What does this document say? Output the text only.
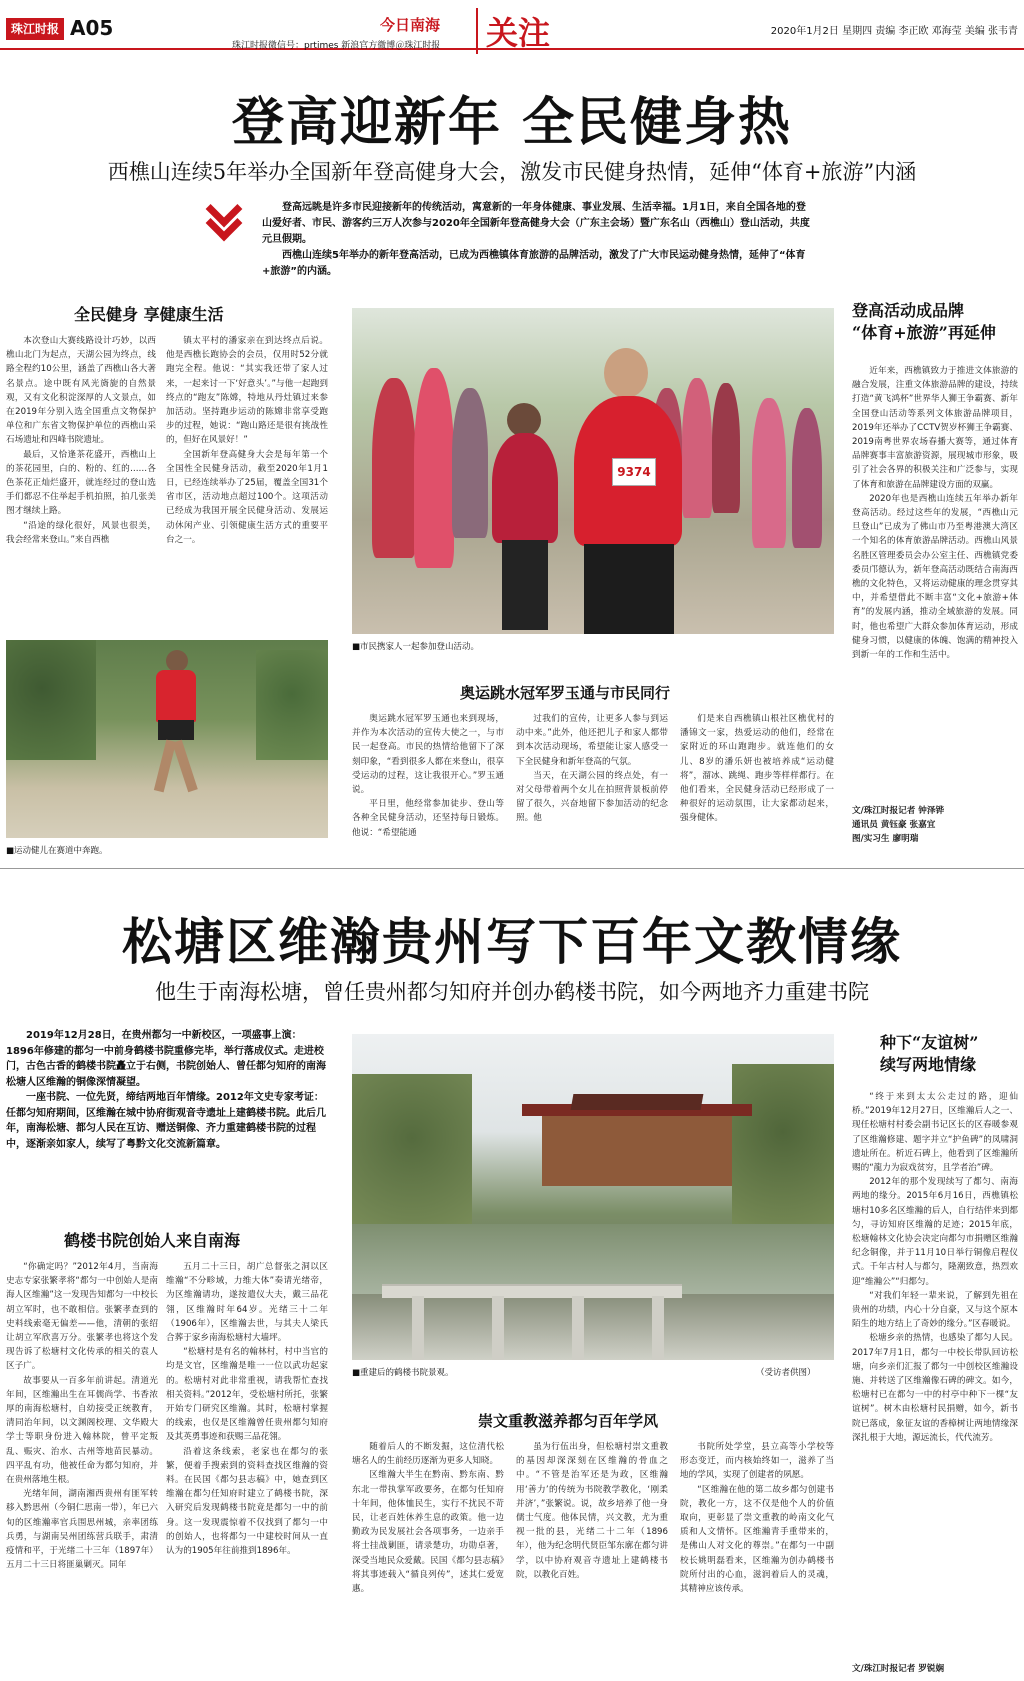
珠江时报 A05
珠江时报微信号：prtimes 新浪官方微博＠珠江时报
今日南海	关注	2020年1月2日 星期四 责编 李正欧 邓海莹 美编 张韦青
登高迎新年 全民健身热
西樵山连续5年举办全国新年登高健身大会，激发市民健身热情，延伸“体育+旅游”内涵

登高远眺是许多市民迎接新年的传统活动，寓意新的一年身体健康、事业发展、生活幸福。1月1日，来自全国各地的登山爱好者、市民、游客约三万人次参与2020年全国新年登高健身大会（广东主会场）暨广东名山（西樵山）登山活动，共度元旦假期。

西樵山连续5年举办的新年登高活动，已成为西樵镇体育旅游的品牌活动，激发了广大市民运动健身热情，延伸了“体育+旅游”的内涵。

全民健身 享健康生活

本次登山大赛线路设计巧妙，以西樵山北门为起点，天湖公园为终点，线路全程约10公里，涵盖了西樵山各大著名景点。途中既有风光旖旎的自然景观，又有文化积淀深厚的人文景点，如在2019年分别入选全国重点文物保护单位和广东省文物保护单位的西樵山采石场遗址和四峰书院遗址。

最后，又恰逢茶花盛开，西樵山上的茶花园里，白的、粉的、红的……各色茶花正灿烂盛开，就连经过的登山选手们都忍不住举起手机拍照，拍几张美图才继续上路。

“沿途的绿化很好，风景也很美，我会经常来登山。”来自西樵

镇太平村的潘家亲在到达终点后说。他是西樵长跑协会的会员，仅用时52分就跑完全程。他说：“其实我还带了家人过来，一起来讨一下‘好意头’。”与他一起跑到终点的“跑友”陈嫦，特地从丹灶镇过来参加活动。坚持跑步运动的陈嫦非常享受跑步的过程，她说：“跑山路还是很有挑战性的，但好在风景好！”

全国新年登高健身大会是每年第一个全国性全民健身活动，截至2020年1月1日，已经连续举办了25届，覆盖全国31个省市区，活动地点超过100个。这项活动已经成为我国开展全民健身活动、发展运动休闲产业、引领健康生活方式的重要平台之一。

9374
■市民携家人一起参加登山活动。
■运动健儿在赛道中奔跑。
奥运跳水冠军罗玉通与市民同行

奥运跳水冠军罗玉通也来到现场，并作为本次活动的宣传大使之一，与市民一起登高。市民的热情给他留下了深刻印象，“看到很多人都在来登山，很享受运动的过程，这让我很开心。”罗玉通说。

平日里，他经常参加徒步、登山等各种全民健身活动，还坚持每日锻炼。他说：“希望能通

过我们的宣传，让更多人参与到运动中来。”此外，他还把儿子和家人都带到本次活动现场，希望能让家人感受一下全民健身和新年登高的气氛。

当天，在天湖公园的终点处，有一对父母带着两个女儿在拍照背景板前停留了很久，兴奋地留下参加活动的纪念照。他

们是来自西樵镇山根社区樵优村的潘锦文一家，热爱运动的他们，经常在家附近的环山跑跑步。就连他们的女儿、8岁的潘乐妍也被培养成“运动健将”，溜冰、跳绳、跑步等样样都行。在他们看来，全民健身活动已经形成了一种很好的运动氛围，让大家都动起来，强身健体。

登高活动成品牌
“体育+旅游”再延伸

近年来，西樵镇致力于推进文体旅游的融合发展，注重文体旅游品牌的建设，持续打造“黄飞鸿杯”世界华人狮王争霸赛、新年全国登山活动等系列文体旅游品牌项目，2019年还举办了CCTV贺岁杯狮王争霸赛、2019南粤世界农场春播大赛等，通过体育品牌赛事丰富旅游资源，展现城市形象，吸引了社会各界的积极关注和广泛参与，实现了体育和旅游在品牌建设方面的双赢。

2020年也是西樵山连续五年举办新年登高活动。经过这些年的发展，“西樵山元旦登山”已成为了佛山市乃至粤港澳大湾区一个知名的体育旅游品牌活动。西樵山风景名胜区管理委员会办公室主任、西樵镇党委委员邝德认为，新年登高活动既结合南海西樵的文化特色，又将运动健康的理念贯穿其中，并希望借此不断丰富“文化+旅游+体育”的发展内涵，推动全域旅游的发展。同时，他也希望广大群众参加体育运动，形成健身习惯，以健康的体魄、饱满的精神投入到新一年的工作和生活中。

文/珠江时报记者 钟泽铧
通讯员 黄钰豪 张嘉宜
图/实习生 廖明瑞
松塘区维瀚贵州写下百年文教情缘
他生于南海松塘，曾任贵州都匀知府并创办鹤楼书院，如今两地齐力重建书院

2019年12月28日，在贵州都匀一中新校区，一项盛事上演：1896年修建的都匀一中前身鹤楼书院重修完毕，举行落成仪式。走进校门，古色古香的鹤楼书院矗立于右侧，书院创始人、曾任都匀知府的南海松塘人区维瀚的铜像深情凝望。

一座书院、一位先贤，缔结两地百年情缘。2012年文史专家考证：任都匀知府期间，区维瀚在城中协府街观音寺遗址上建鹤楼书院。此后几年，南海松塘、都匀人民在互访、赠送铜像、齐力重建鹤楼书院的过程中，逐渐亲如家人，续写了粤黔文化交流新篇章。

鹤楼书院创始人来自南海

“你确定吗？”2012年4月，当南海史志专家张繁孝将“都匀一中创始人是南海人区维瀚”这一发现告知都匀一中校长胡立军时，也不敢相信。张繁孝查到的史料线索毫无偏差——他，清朝的张绍让胡立军欣喜万分。张繁孝也将这个发现告诉了松塘村文化传承的相关的袁人区子广。

故事要从一百多年前讲起。清道光年间，区维瀚出生在耳儒尚学、书香浓厚的南海松塘村，自幼接受正统教育，清同治年间，以文渊阁校理、文华殿大学士等职身份进入翰林院，曾平定叛乱、赈灾、治水、古州等地苗民暴动。四平乱有功，他被任命为都匀知府，并在贵州落地生根。

光绪年间，湖南湘西贵州有匪军转移入黔思州（今铜仁思南一带），年已六旬的区维瀚率官兵围思州城，亲率团练兵勇，与湖南吴州团练营兵联手，肃清疫情和平，于光绪二十三年（1897年）五月二十三日将匪巢剿灭。同年

五月二十三日，胡广总督张之洞以区维瀚“不分畛域，力维大体”奏请光绪帝，为区维瀚请功，遂按遣仪大夫，戴三品花翎，区维瀚时年64岁。光绪三十二年（1906年），区维瀚去世，与其夫人梁氏合葬于家乡南海松塘村大墙坪。

“松塘村是有名的翰林村，村中当官的均是文官，区维瀚是唯一一位以武功起家的。松塘村对此非常重视，请我帮忙查找相关资料。”2012年，受松塘村所托，张繁开始专门研究区维瀚。其时，松塘村掌握的线索，也仅是区维瀚曾任贵州都匀知府及其英勇事迹和获赐三品花翎。

沿着这条线索，老家也在都匀的张繁，便着手搜索到的资料查找区维瀚的资料。在民国《都匀县志稿》中，她查到区维瀚在都匀任知府时建立了鹤楼书院，深入研究后发现鹤楼书院竟是都匀一中的前身。这一发现震惊着不仅找到了都匀一中的创始人，也将都匀一中建校时间从一直认为的1905年往前推到1896年。

■重建后的鹤楼书院景观。	（受访者供图）
崇文重教滋养都匀百年学风

随着后人的不断发掘，这位清代松塘名人的生前经历逐渐为更多人知晓。

区维瀚大半生在黔南、黔东南、黔东北一带执掌军政要务，在都匀任知府十年间，他体恤民生，实行不扰民不苛民，让老百姓休养生息的政策。他一边勤政为民发展社会各项事务，一边亲手将士挂战剿匪，请录楚功，功勋卓著，深受当地民众爱戴。民国《都匀县志稿》将其事迹载入“循良列传”，述其仁爱宽惠。

虽为行伍出身，但松塘村崇文重教的基因却深深刻在区维瀚的骨血之中。“不管是治军还是为政，区维瀚用‘善力’的传统为书院教学教化，‘刚柔并济’，”张繁说。说，故乡培养了他一身儒士气度。他体民情，兴文教，尤为重视一批的县，光绪二十二年（1896年），他为纪念明代贤臣邹东廓在都匀讲学，以中协府观音寺遗址上建鹤楼书院，以教化百姓。

书院所处学堂，县立高等小学校等形态变迁，而内核始终如一，滋养了当地的学风，实现了创建者的夙愿。

“区维瀚在他的第二故乡都匀创建书院，教化一方，这不仅是他个人的价值取向，更彰显了崇文重教的岭南文化气质和人文情怀。区维瀚青手重带来的，是佛山人对文化的尊崇。”在都匀一中副校长姚明磊看来，区维瀚为创办鹤楼书院所付出的心血，滋润着后人的灵魂，其精神应该传承。

种下“友谊树”
续写两地情缘

“终于来到太太公走过的路，迎仙桥。”2019年12月27日，区维瀚后人之一、现任松塘村村委会副书记区长的区春暖参观了区维瀚修建、题字并立“护鱼碑”的凤啸洞遗址所在。析近石碑上，他看到了区维瀚所赐的“龍力为寂戏贫穷，且学者治”碑。

2012年的那个发现续写了都匀、南海两地的缘分。2015年6月16日，西樵镇松塘村10多名区维瀚的后人，自行结伴来到都匀，寻访知府区维瀚的足迹；2015年底，松塘翰林文化协会决定向都匀市捐赠区维瀚纪念铜像，并于11月10日举行铜像启程仪式。千年古村人与都匀，隆潮致意，热烈欢迎“维瀚公”“归都匀。

“对我们年轻一辈来说，了解到先祖在贵州的功绩，内心十分自豪，又与这个原本陌生的地方结上了奇妙的缘分。”区春暖说。

松塘乡亲的热情，也感染了都匀人民。2017年7月1日，都匀一中校长带队回访松塘，向乡亲们汇报了都匀一中创校区维瀚设施、并转送了区维瀚像石碑的碑文。如今，松塘村已在都匀一中的村亭中种下一棵“友谊树”。树木由松塘村民捐赠，如今，新书院已落成，象征友谊的香樟树让两地情缘深深扎根于大地，源远流长，代代流芳。

文/珠江时报记者 罗锐娴
